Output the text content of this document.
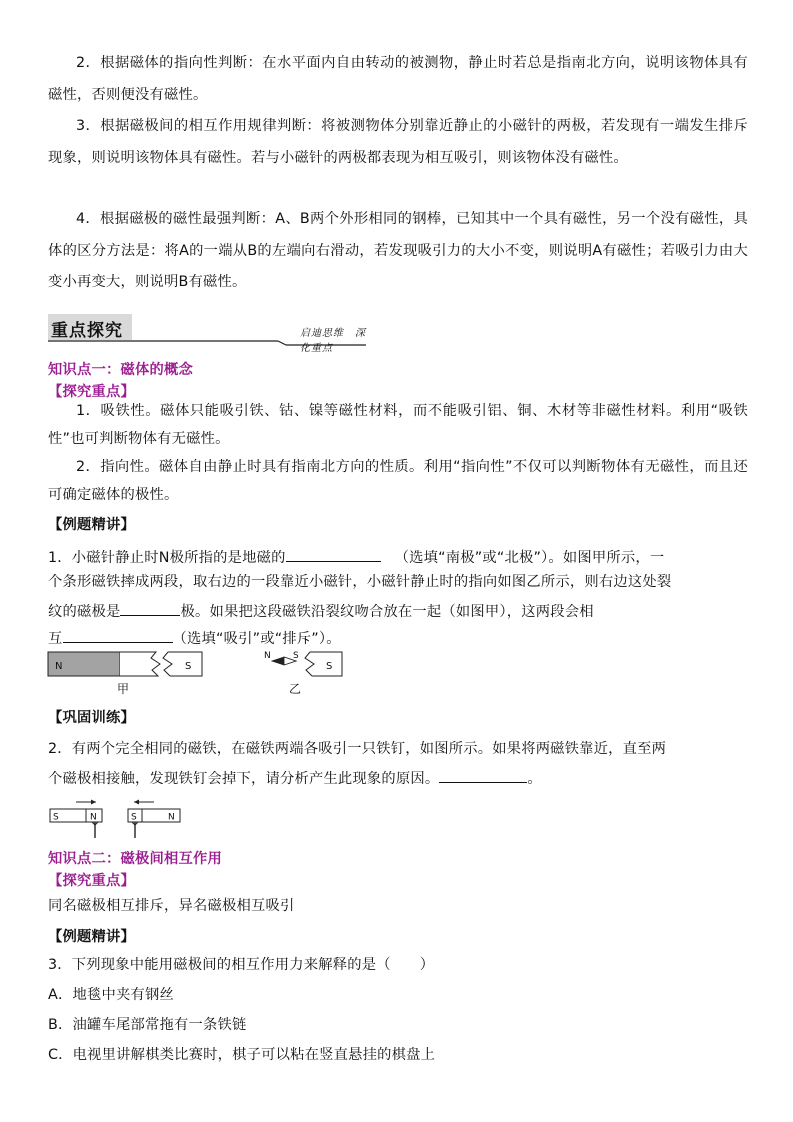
2．根据磁体的指向性判断：在水平面内自由转动的被测物，静止时若总是指南北方向，说明该物体具有磁性，否则便没有磁性。

3．根据磁极间的相互作用规律判断：将被测物体分别靠近静止的小磁针的两极，若发现有一端发生排斥现象，则说明该物体具有磁性。若与小磁针的两极都表现为相互吸引，则该物体没有磁性。

4．根据磁极的磁性最强判断：A、B两个外形相同的钢棒，已知其中一个具有磁性，另一个没有磁性，具体的区分方法是：将A的一端从B的左端向右滑动，若发现吸引力的大小不变，则说明A有磁性；若吸引力由大变小再变大，则说明B有磁性。

重点探究	启迪思维　深化重点
知识点一：磁体的概念
【探究重点】

1．吸铁性。磁体只能吸引铁、钴、镍等磁性材料，而不能吸引铝、铜、木材等非磁性材料。利用“吸铁性”也可判断物体有无磁性。

2．指向性。磁体自由静止时具有指南北方向的性质。利用“指向性”不仅可以判断物体有无磁性，而且还可确定磁体的极性。

【例题精讲】
1．小磁针静止时N极所指的是地磁的	（选填“南极”或“北极”）。如图甲所示，一
个条形磁铁摔成两段，取右边的一段靠近小磁针，小磁针静止时的指向如图乙所示，则右边这处裂
纹的磁极是	极。如果把这段磁铁沿裂纹吻合放在一起（如图甲），这两段会相
互	（选填“吸引”或“排斥”）。
N	S
甲
N S
S
乙
【巩固训练】
2．有两个完全相同的磁铁，在磁铁两端各吸引一只铁钉，如图所示。如果将两磁铁靠近，直至两
个磁极相接触，发现铁钉会掉下，请分析产生此现象的原因。	。
S	N	S	N
知识点二：磁极间相互作用
【探究重点】
同名磁极相互排斥，异名磁极相互吸引
【例题精讲】
3．下列现象中能用磁极间的相互作用力来解释的是（　　）
A．地毯中夹有钢丝
B．油罐车尾部常拖有一条铁链
C．电视里讲解棋类比赛时，棋子可以粘在竖直悬挂的棋盘上
